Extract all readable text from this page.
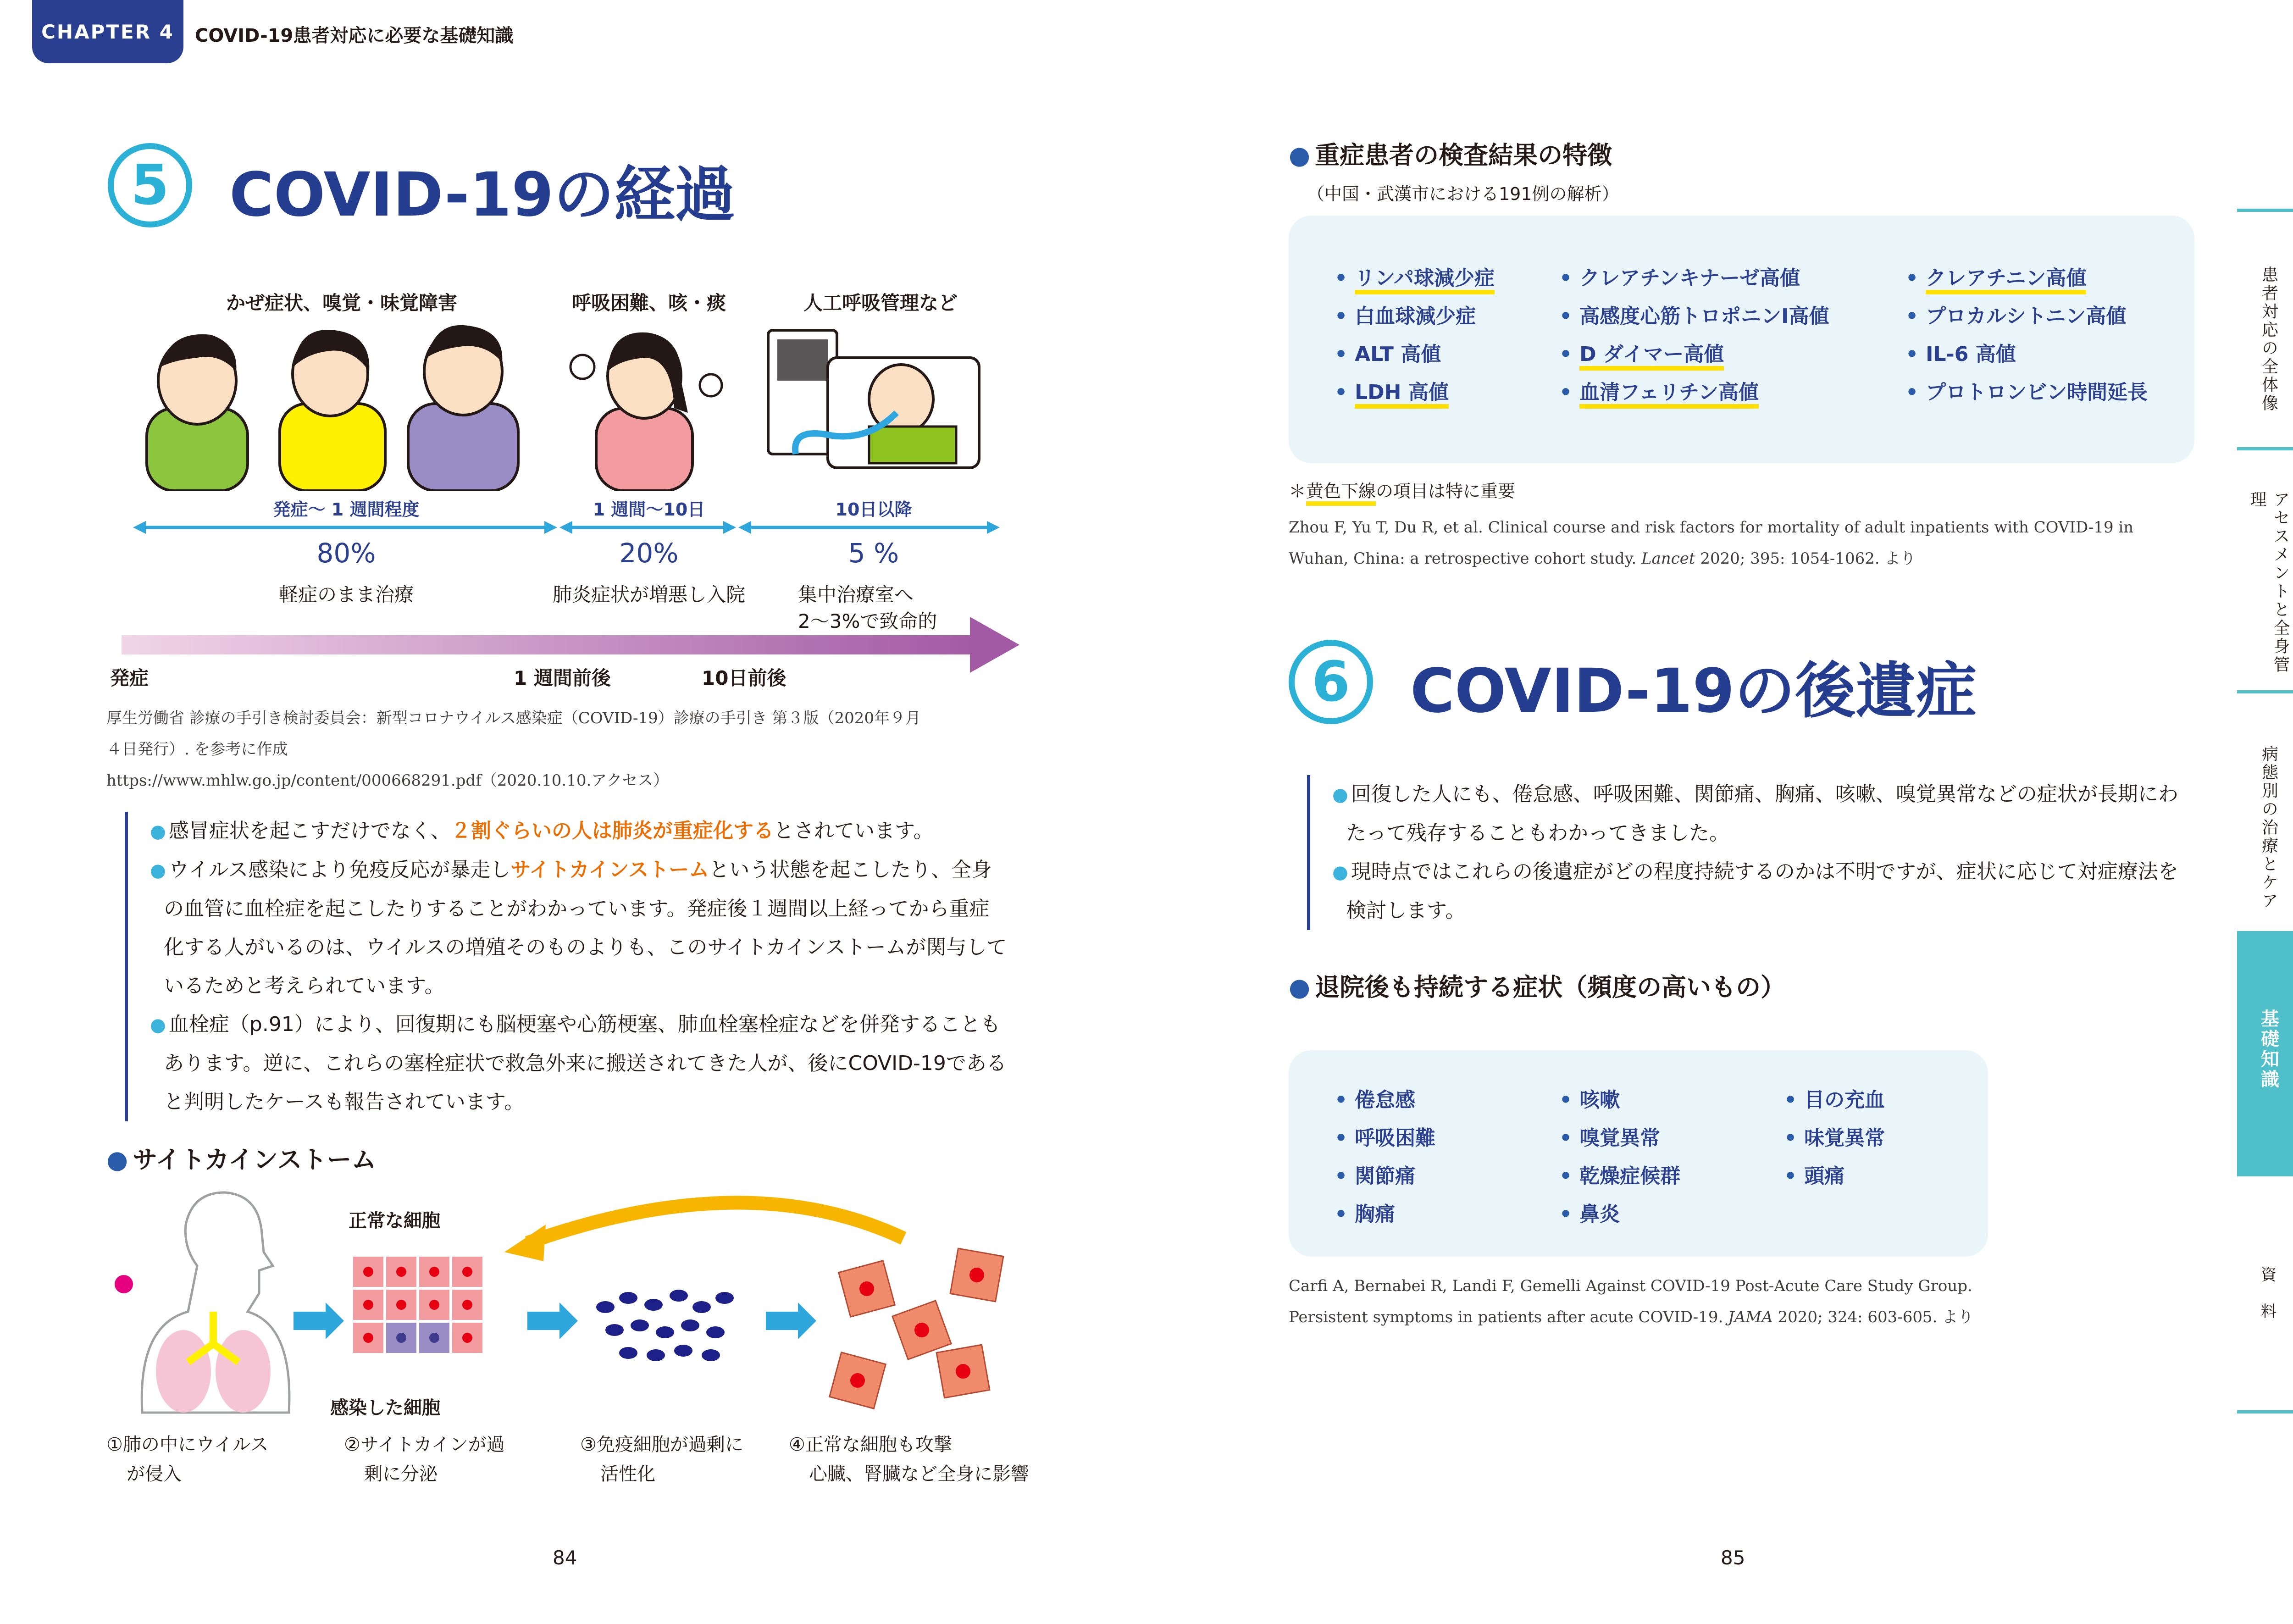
CHAPTER 4	COVID-19患者対応に必要な基礎知識
5 COVID-19の経過
かぜ症状、嗅覚・味覚障害	呼吸困難、咳・痰	人工呼吸管理など
発症〜 1 週間程度	1 週間〜10日	10日以降
80%	20%	5 %
軽症のまま治療	肺炎症状が増悪し入院	集中治療室へ
2〜3%で致命的
発症	1 週間前後	10日前後
厚生労働省 診療の手引き検討委員会：新型コロナウイルス感染症（COVID-19）診療の手引き 第３版（2020年９月
４日発行）. を参考に作成
https://www.mhlw.go.jp/content/000668291.pdf（2020.10.10.アクセス）
● 感冒症状を起こすだけでなく、２割ぐらいの人は肺炎が重症化するとされています。
● ウイルス感染により免疫反応が暴走しサイトカインストームという状態を起こしたり、全身の血管に血栓症を起こしたりすることがわかっています。発症後１週間以上経ってから重症化する人がいるのは、ウイルスの増殖そのものよりも、このサイトカインストームが関与しているためと考えられています。
● 血栓症（p.91）により、回復期にも脳梗塞や心筋梗塞、肺血栓塞栓症などを併発することもあります。逆に、これらの塞栓症状で救急外来に搬送されてきた人が、後にCOVID-19であると判明したケースも報告されています。
● サイトカインストーム
正常な細胞
感染した細胞
①肺の中にウイルス
が侵入
②サイトカインが過
剰に分泌
③免疫細胞が過剰に
活性化
④正常な細胞も攻撃
心臓、腎臓など全身に影響
84
● 重症患者の検査結果の特徴
（中国・武漢市における191例の解析）
• リンパ球減少症
• 白血球減少症
• ALT 高値
• LDH 高値
• クレアチンキナーゼ高値
• 高感度心筋トロポニンⅠ高値
• D ダイマー高値
• 血清フェリチン高値
• クレアチニン高値
• プロカルシトニン高値
• IL-6 高値
• プロトロンビン時間延長
＊黄色下線の項目は特に重要
Zhou F, Yu T, Du R, et al. Clinical course and risk factors for mortality of adult inpatients with COVID-19 in
Wuhan, China: a retrospective cohort study. Lancet 2020; 395: 1054-1062. より
6 COVID-19の後遺症
● 回復した人にも、倦怠感、呼吸困難、関節痛、胸痛、咳嗽、嗅覚異常などの症状が長期にわたって残存することもわかってきました。
● 現時点ではこれらの後遺症がどの程度持続するのかは不明ですが、症状に応じて対症療法を検討します。
● 退院後も持続する症状（頻度の高いもの）
• 倦怠感
• 呼吸困難
• 関節痛
• 胸痛
• 咳嗽
• 嗅覚異常
• 乾燥症候群
• 鼻炎
• 目の充血
• 味覚異常
• 頭痛
Carfi A, Bernabei R, Landi F, Gemelli Against COVID-19 Post-Acute Care Study Group.
Persistent symptoms in patients after acute COVID-19. JAMA 2020; 324: 603-605. より
85
患者対応の全体像
アセスメントと全身管理
病態別の治療とケア
基礎知識
資
料
